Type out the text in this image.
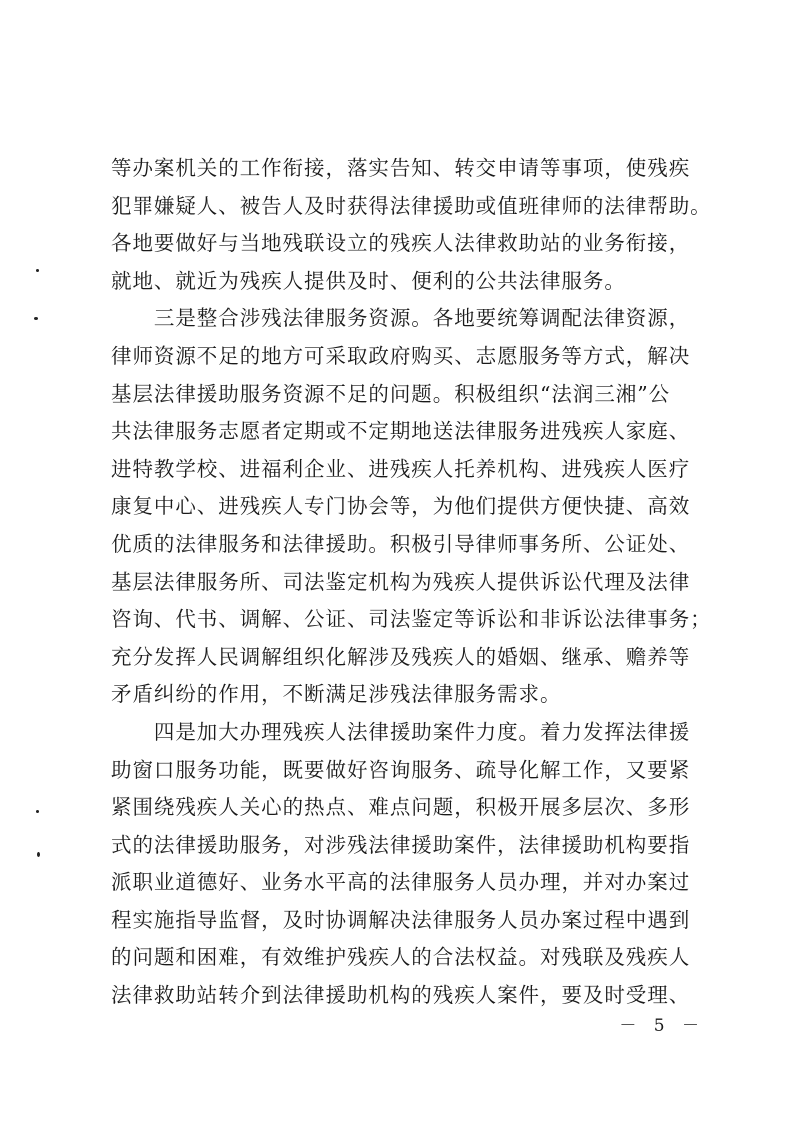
等办案机关的工作衔接，落实告知、转交申请等事项，使残疾
犯罪嫌疑人、被告人及时获得法律援助或值班律师的法律帮助。
各地要做好与当地残联设立的残疾人法律救助站的业务衔接，
就地、就近为残疾人提供及时、便利的公共法律服务。
　　三是整合涉残法律服务资源。各地要统筹调配法律资源，
律师资源不足的地方可采取政府购买、志愿服务等方式，解决
基层法律援助服务资源不足的问题。积极组织“法润三湘”公
共法律服务志愿者定期或不定期地送法律服务进残疾人家庭、
进特教学校、进福利企业、进残疾人托养机构、进残疾人医疗
康复中心、进残疾人专门协会等，为他们提供方便快捷、高效
优质的法律服务和法律援助。积极引导律师事务所、公证处、
基层法律服务所、司法鉴定机构为残疾人提供诉讼代理及法律
咨询、代书、调解、公证、司法鉴定等诉讼和非诉讼法律事务；
充分发挥人民调解组织化解涉及残疾人的婚姻、继承、赡养等
矛盾纠纷的作用，不断满足涉残法律服务需求。
　　四是加大办理残疾人法律援助案件力度。着力发挥法律援
助窗口服务功能，既要做好咨询服务、疏导化解工作，又要紧
紧围绕残疾人关心的热点、难点问题，积极开展多层次、多形
式的法律援助服务，对涉残法律援助案件，法律援助机构要指
派职业道德好、业务水平高的法律服务人员办理，并对办案过
程实施指导监督，及时协调解决法律服务人员办案过程中遇到
的问题和困难，有效维护残疾人的合法权益。对残联及残疾人
法律救助站转介到法律援助机构的残疾人案件，要及时受理、
－ 5 －
